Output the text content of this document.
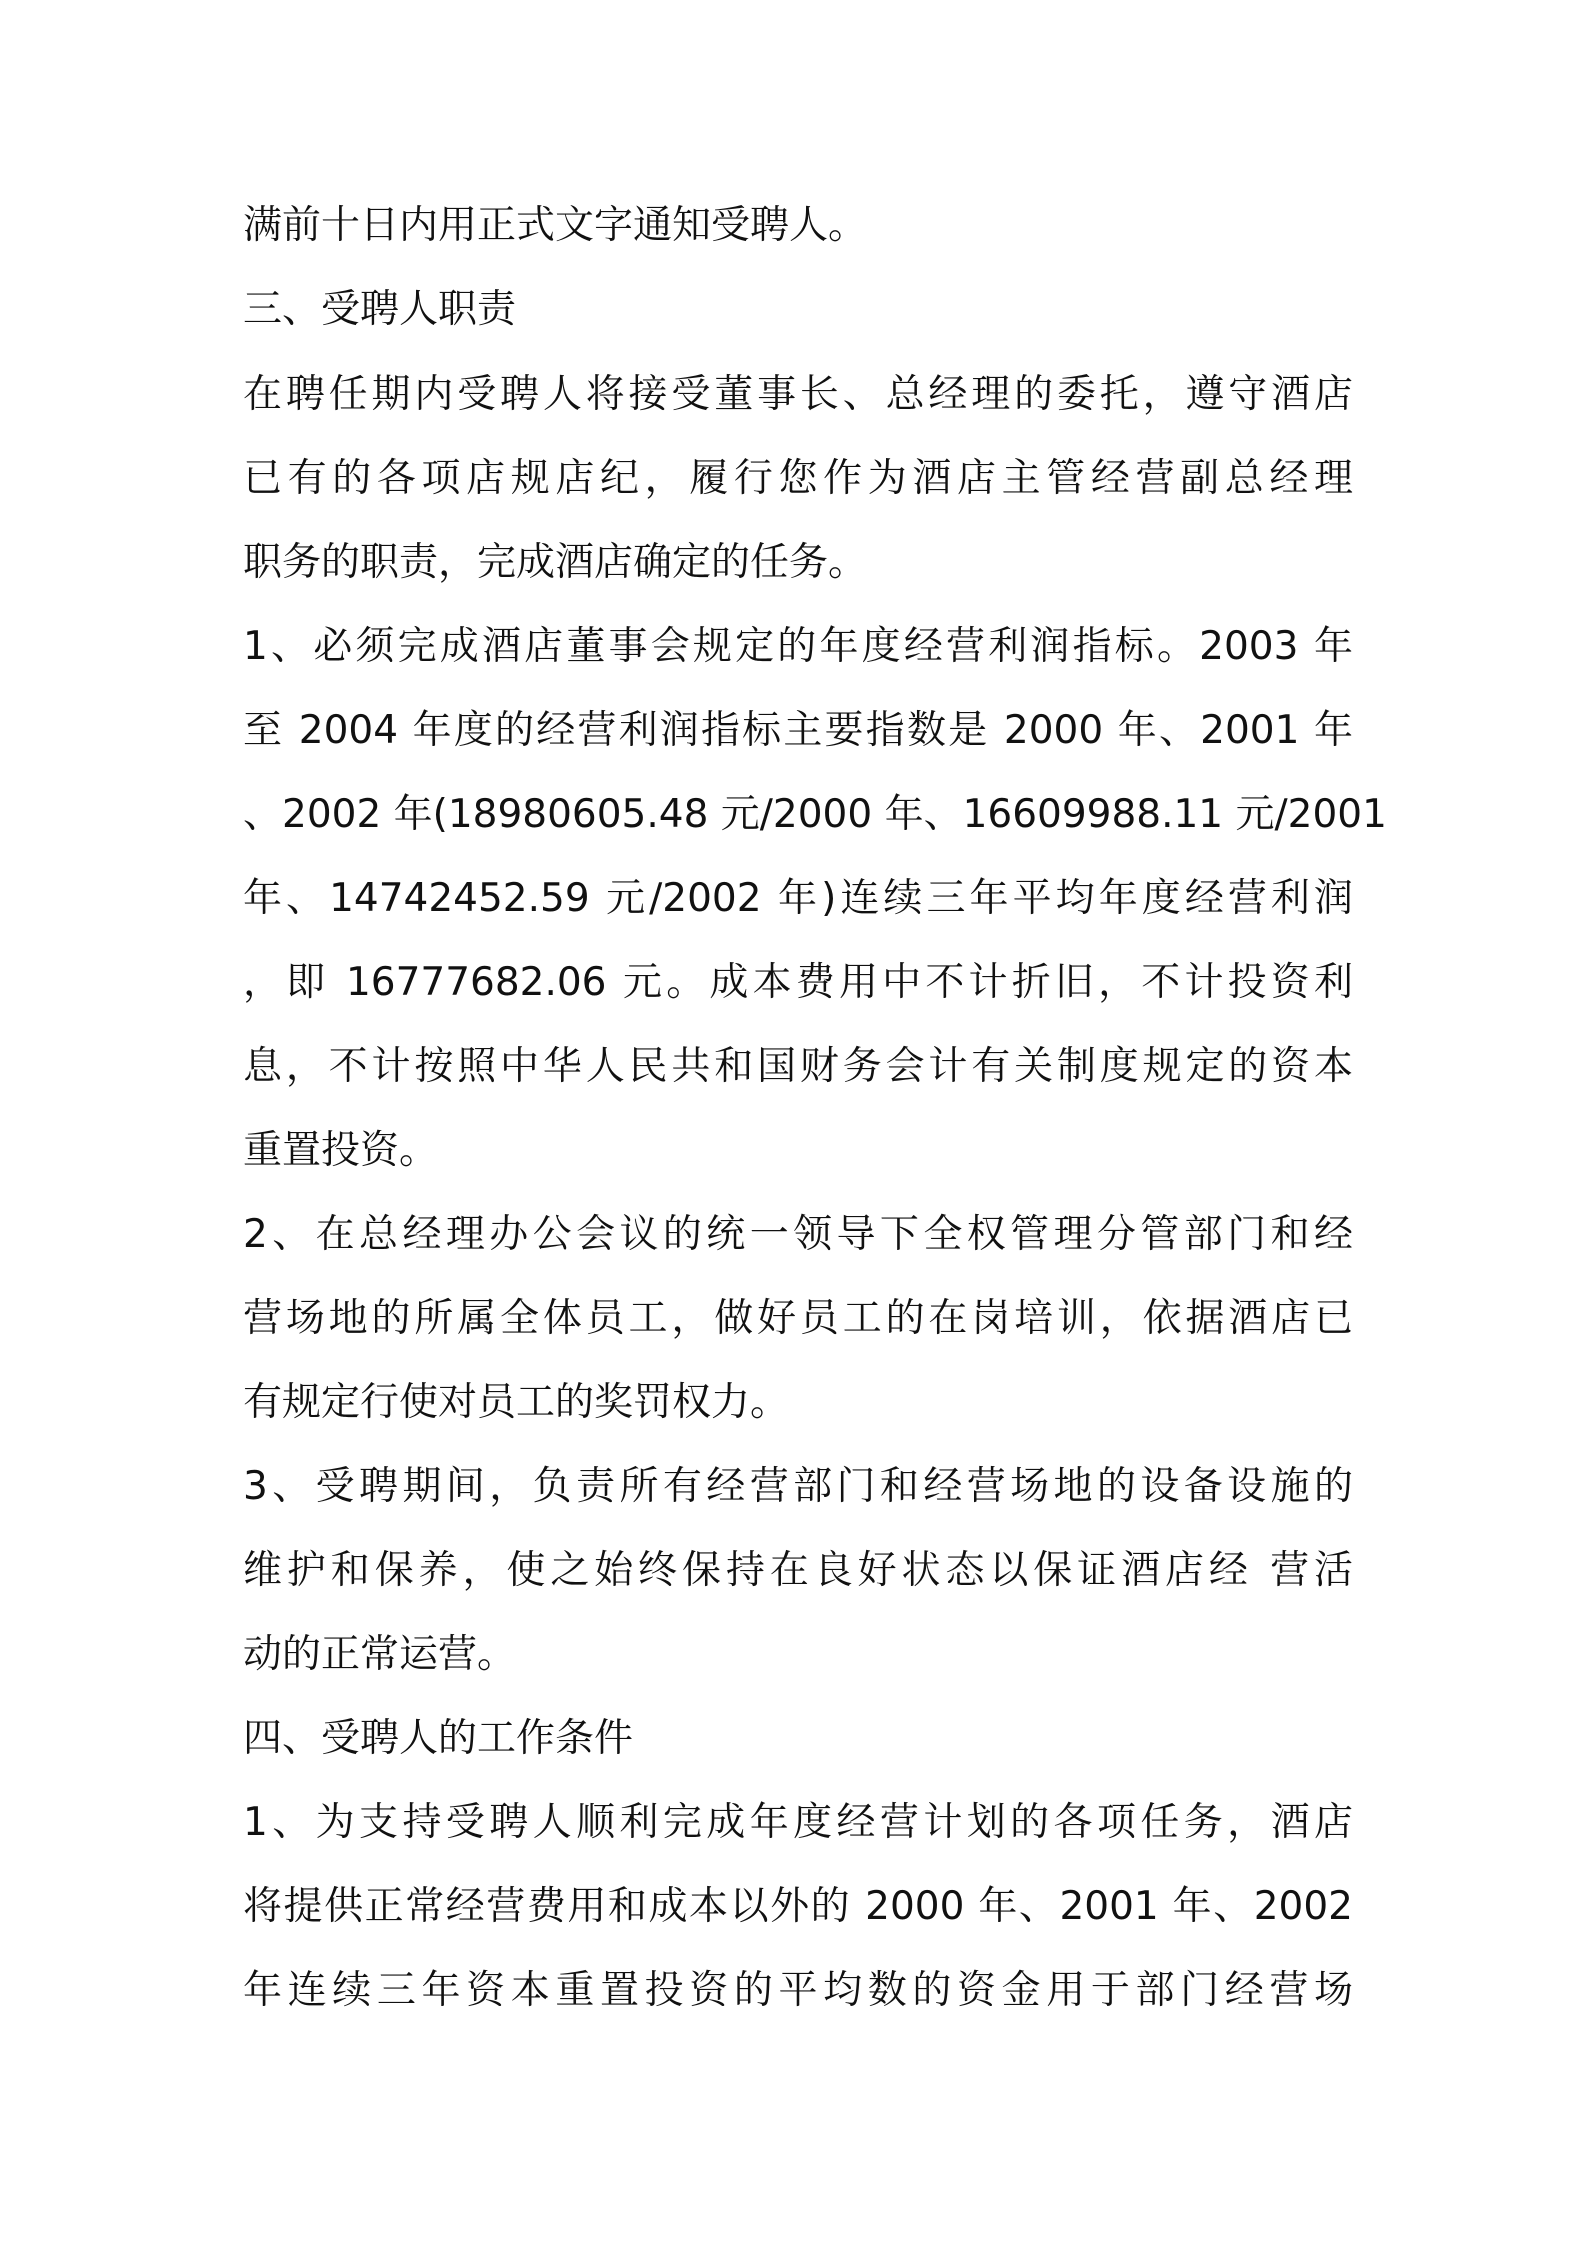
满前十日内用正式文字通知受聘人。
三、受聘人职责
在聘任期内受聘人将接受董事长、总经理的委托，遵守酒店
已有的各项店规店纪，履行您作为酒店主管经营副总经理
职务的职责，完成酒店确定的任务。
1、必须完成酒店董事会规定的年度经营利润指标。2003 年
至 2004 年度的经营利润指标主要指数是 2000 年、2001 年
、2002 年(18980605.48 元/2000 年、16609988.11 元/2001
年、14742452.59 元/2002 年)连续三年平均年度经营利润
，即 16777682.06 元。成本费用中不计折旧，不计投资利
息，不计按照中华人民共和国财务会计有关制度规定的资本
重置投资。
2、在总经理办公会议的统一领导下全权管理分管部门和经
营场地的所属全体员工，做好员工的在岗培训，依据酒店已
有规定行使对员工的奖罚权力。
3、受聘期间，负责所有经营部门和经营场地的设备设施的
维护和保养，使之始终保持在良好状态以保证酒店经 营活
动的正常运营。
四、受聘人的工作条件
1、为支持受聘人顺利完成年度经营计划的各项任务，酒店
将提供正常经营费用和成本以外的 2000 年、2001 年、2002
年连续三年资本重置投资的平均数的资金用于部门经营场
